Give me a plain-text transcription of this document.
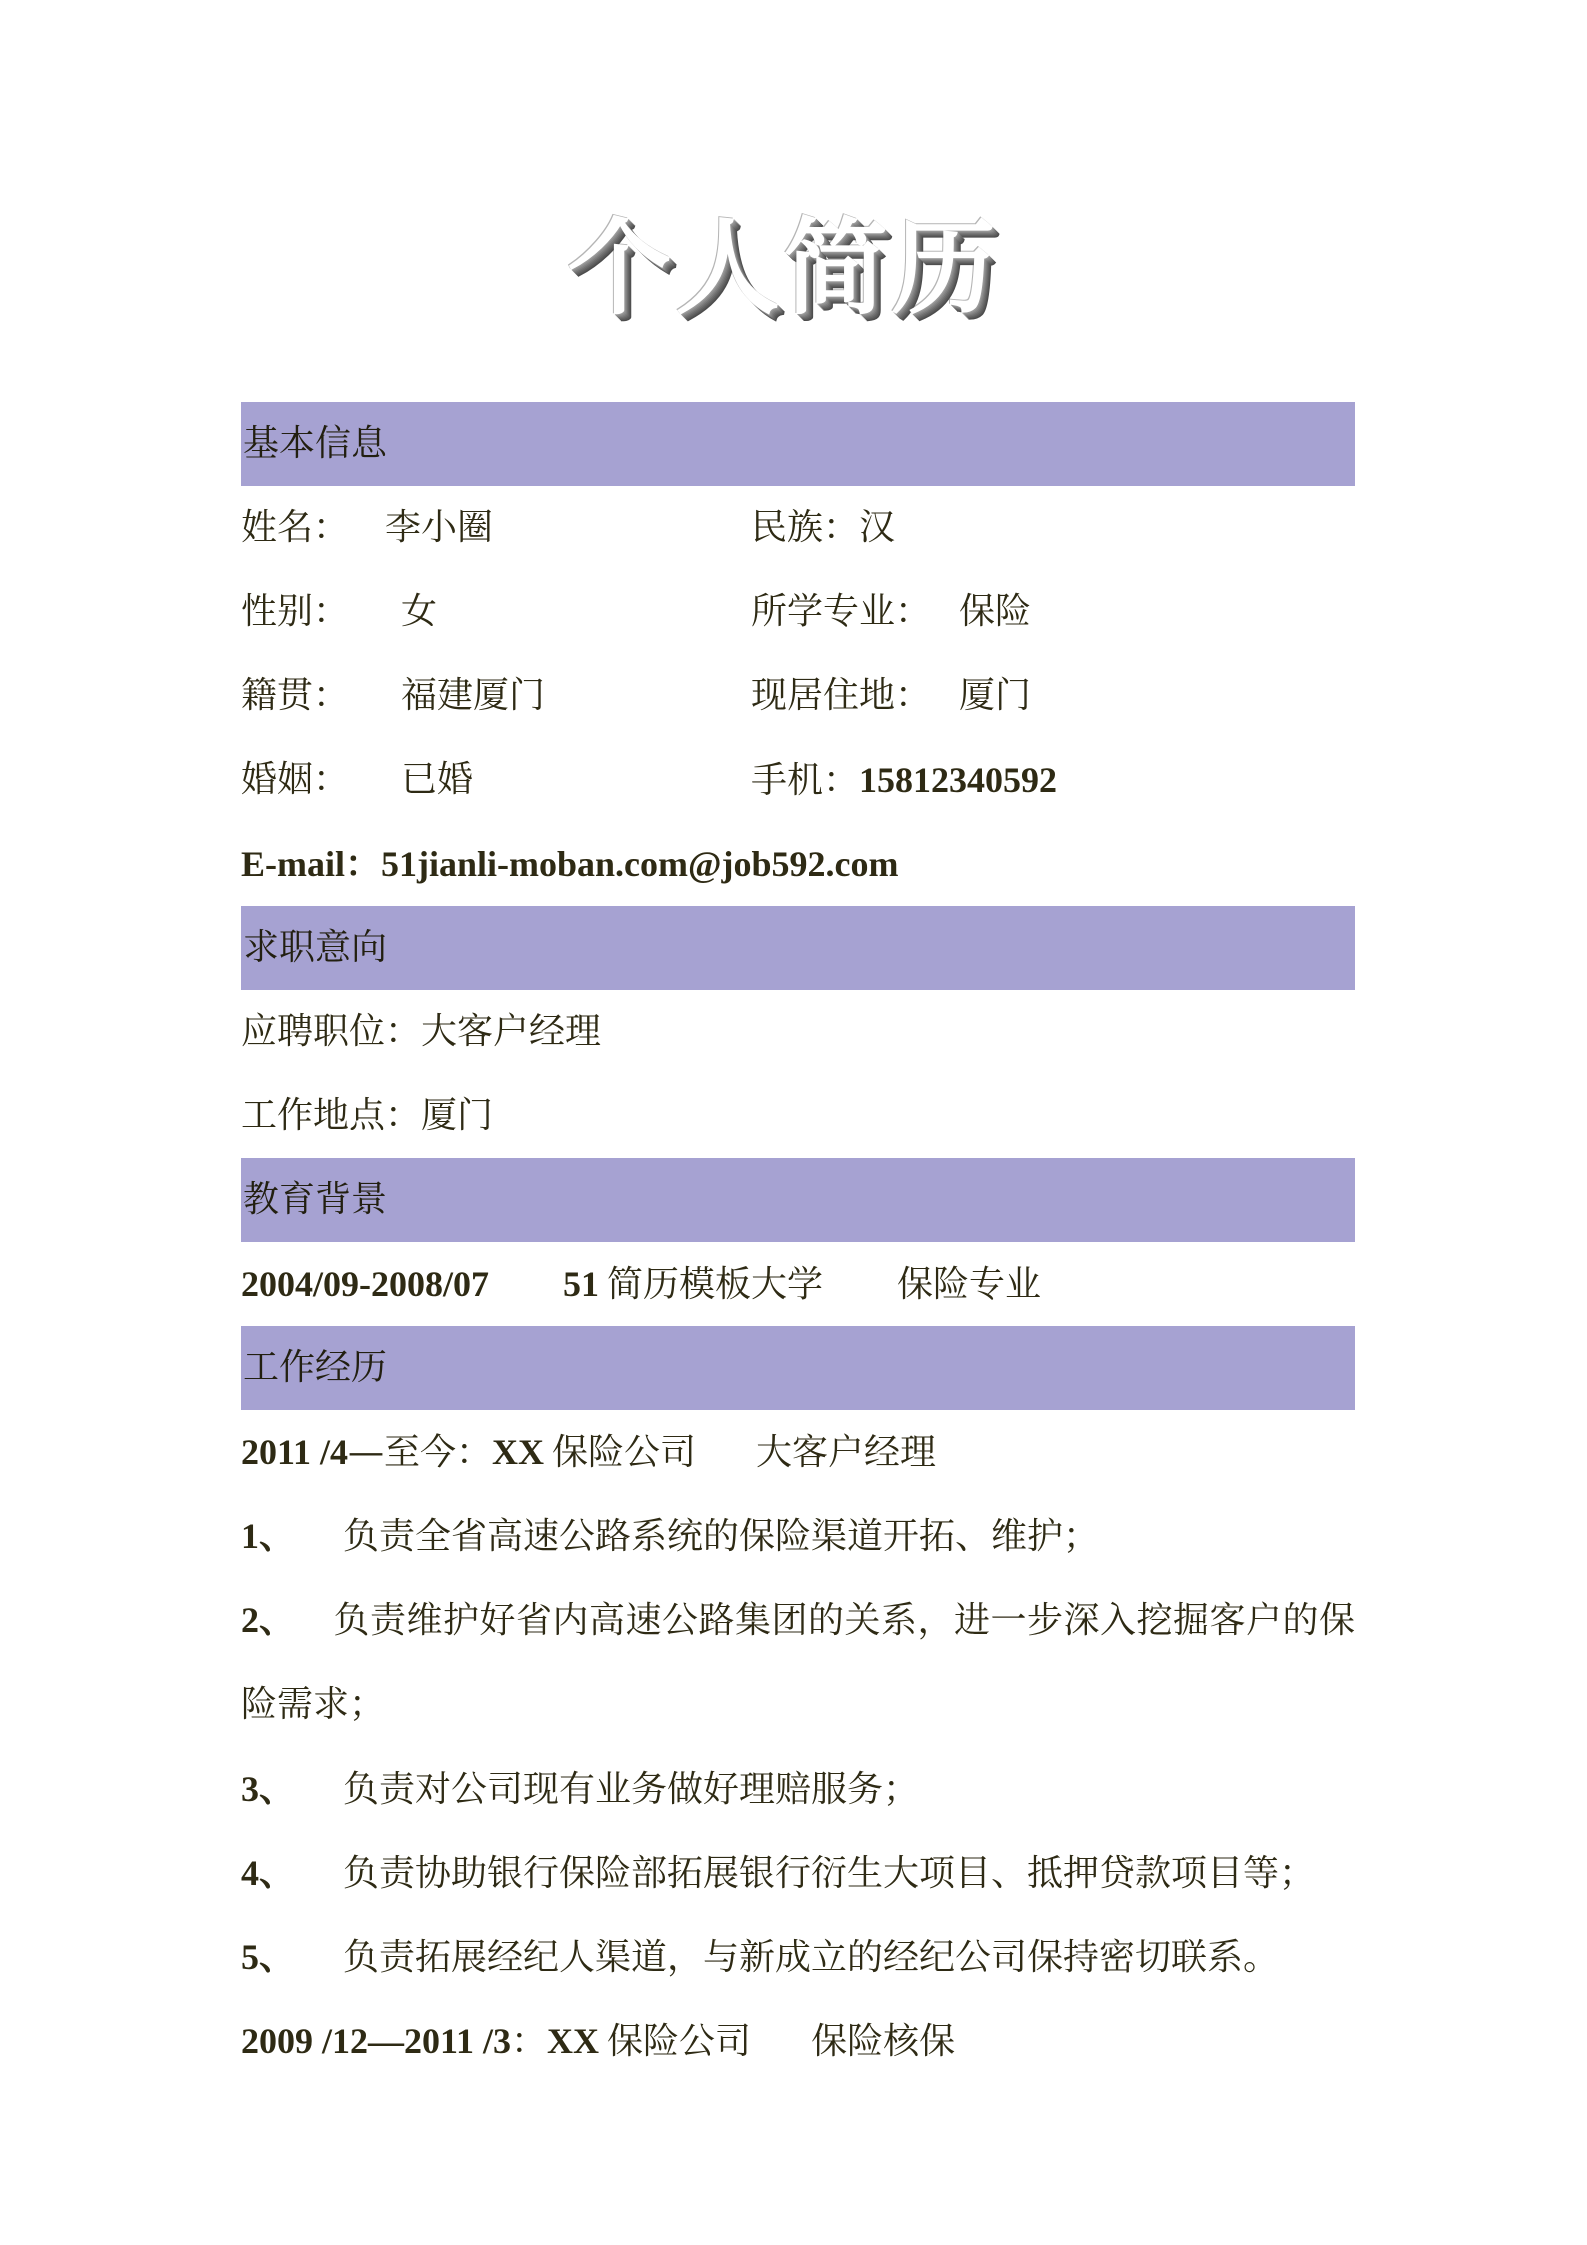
个人简历
基本信息
姓名： 李小圈	民族：汉
性别： 女	所学专业： 保险
籍贯： 福建厦门	现居住地： 厦门
婚姻： 已婚	手机：15812340592
E-mail：51jianli-moban.com@job592.com
求职意向
应聘职位：大客户经理
工作地点：厦门
教育背景
2004/09-2008/07 51 简历模板大学 保险专业
工作经历
2011 /4—至今：XX 保险公司 大客户经理
1、 负责全省高速公路系统的保险渠道开拓、维护；
2、 负责维护好省内高速公路集团的关系，进一步深入挖掘客户的保险需求；
3、 负责对公司现有业务做好理赔服务；
4、 负责协助银行保险部拓展银行衍生大项目、抵押贷款项目等；
5、 负责拓展经纪人渠道，与新成立的经纪公司保持密切联系。
2009 /12—2011 /3：XX 保险公司 保险核保
